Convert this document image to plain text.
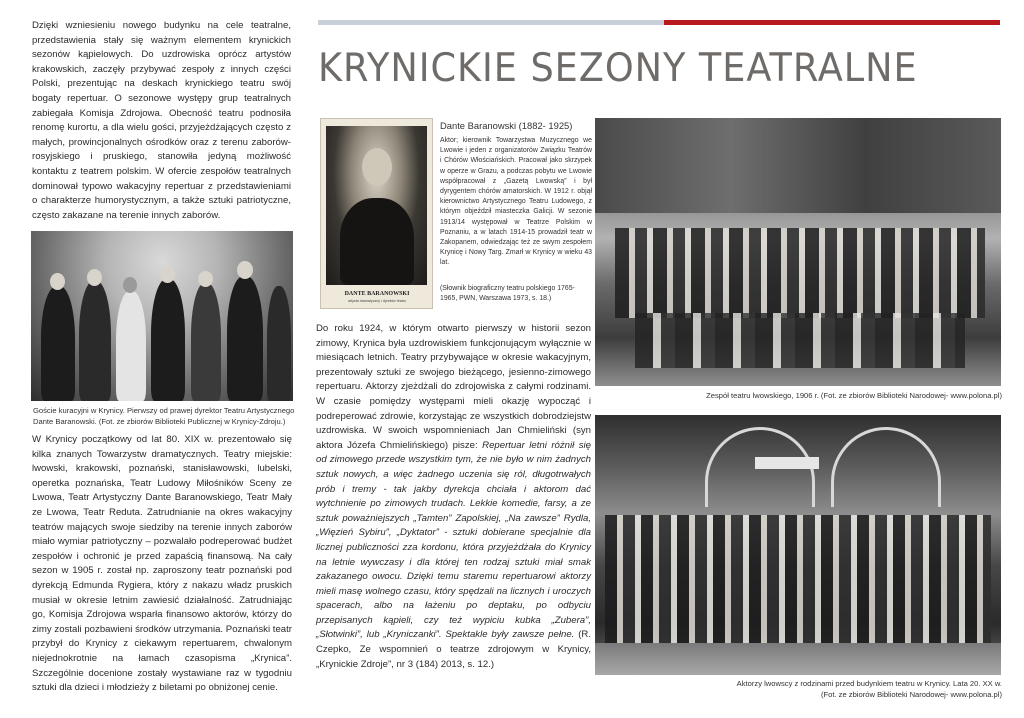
KRYNICKIE SEZONY TEATRALNE

Dzięki wzniesieniu nowego budynku na cele teatralne, przedstawienia stały się ważnym elementem krynickich sezonów kąpielowych. Do uzdrowiska oprócz artystów krakowskich, zaczęły przybywać zespoły z innych części Polski, prezentując na deskach krynickiego teatru swój bogaty repertuar. O sezonowe występy grup teatralnych zabiegała Komisja Zdrojowa. Obecność teatru podnosiła renomę kurortu, a dla wielu gości, przyjeżdżających często z małych, prowincjonalnych ośrodków oraz z terenu zaborów- rosyjskiego i pruskiego, stanowiła jedyną możliwość kontaktu z teatrem polskim. W ofercie zespołów teatralnych dominował typowo wakacyjny repertuar z przedstawieniami o charakterze humorystycznym, a także sztuki patriotyczne, często zakazane na terenie innych zaborów.

Goście kuracyjni w Krynicy. Pierwszy od prawej dyrektor Teatru Artystycznego Dante Baranowski. (Fot. ze zbiorów Biblioteki Publicznej w Krynicy-Zdroju.)

W Krynicy początkowy od lat 80. XIX w. prezentowało się kilka znanych Towarzystw dramatycznych. Teatry miejskie: lwowski, krakowski, poznański, stanisławowski, lubelski, operetka poznańska, Teatr Ludowy Miłośników Sceny ze Lwowa, Teatr Artystyczny Dante Baranowskiego, Teatr Mały ze Lwowa, Teatr Reduta. Zatrudnianie na okres wakacyjny teatrów mających swoje siedziby na terenie innych zaborów miało wymiar patriotyczny – pozwalało podreperować budżet zespołów i ochronić je przed zapaścią finansową. Na cały sezon w 1905 r. został np. zaproszony teatr poznański pod dyrekcją Edmunda Rygiera, który z nakazu władz pruskich musiał w okresie letnim zawiesić działalność. Zatrudniając go, Komisja Zdrojowa wsparła finansowo aktorów, którzy do zimy zostali pozbawieni środków utrzymania. Poznański teatr przybył do Krynicy z ciekawym repertuarem, chwalonym niejednokrotnie na łamach czasopisma „Krynica”. Szczególnie docenione zostały wystawiane raz w tygodniu sztuki dla dzieci i młodzieży z biletami po obniżonej cenie.

DANTE BARANOWSKI
artysta dramatyczny i dyrektor teatru
Dante Baranowski (1882- 1925)

Aktor; kierownik Towarzystwa Muzycznego we Lwowie i jeden z organizatorów Związku Teatrów i Chórów Włościańskich. Pracował jako skrzypek w operze w Grazu, a podczas pobytu we Lwowie współpracował z „Gazetą Lwowską” i był dyrygentem chórów amatorskich. W 1912 r. objął kierownictwo Artystycznego Teatru Ludowego, z którym objeździł miasteczka Galicji. W sezonie 1913/14 występował w Teatrze Polskim w Poznaniu, a w latach 1914-15 prowadził teatr w Zakopanem, odwiedzając też ze swym zespołem Krynicę i Nowy Targ. Zmarł w Krynicy w wieku 43 lat.

(Słownik biograficzny teatru polskiego 1765-1965, PWN, Warszawa 1973, s. 18.)

Do roku 1924, w którym otwarto pierwszy w historii sezon zimowy, Krynica była uzdrowiskiem funkcjonującym wyłącznie w miesiącach letnich. Teatry przybywające w okresie wakacyjnym, prezentowały sztuki ze swojego bieżącego, jesienno-zimowego repertuaru. Aktorzy zjeżdżali do zdrojowiska z całymi rodzinami. W czasie pomiędzy występami mieli okazję wypocząć i podreperować zdrowie, korzystając ze wszystkich dobrodziejstw uzdrowiska. W swoich wspomnieniach Jan Chmieliński (syn aktora Józefa Chmielińskiego) pisze: Repertuar letni różnił się od zimowego przede wszystkim tym, że nie było w nim żadnych sztuk nowych, a więc żadnego uczenia się ról, długotrwałych prób i tremy - tak jakby dyrekcja chciała i aktorom dać wytchnienie po zimowych trudach. Lekkie komedie, farsy, a ze sztuk poważniejszych „Tamten” Zapolskiej, „Na zawsze” Rydla, „Więzień Sybiru”, „Dyktator” - sztuki dobierane specjalnie dla licznej publiczności zza kordonu, która przyjeżdżała do Krynicy na letnie wywczasy i dla której ten rodzaj sztuki miał smak zakazanego owocu. Dzięki temu staremu repertuarowi aktorzy mieli masę wolnego czasu, który spędzali na licznych i uroczych spacerach, albo na łażeniu po deptaku, po odbyciu przepisanych kąpieli, czy też wypiciu kubka „Zubera”, „Słotwinki”, lub „Kryniczanki”. Spektakle były zawsze pełne. (R. Czepko, Ze wspomnień o teatrze zdrojowym w Krynicy, „Krynickie Zdroje”, nr 3 (184) 2013, s. 12.)

Zespół teatru lwowskiego, 1906 r. (Fot. ze zbiorów Biblioteki Narodowej- www.polona.pl)

Aktorzy lwowscy z rodzinami przed budynkiem teatru w Krynicy. Lata 20. XX w.
(Fot. ze zbiorów Biblioteki Narodowej- www.polona.pl)
